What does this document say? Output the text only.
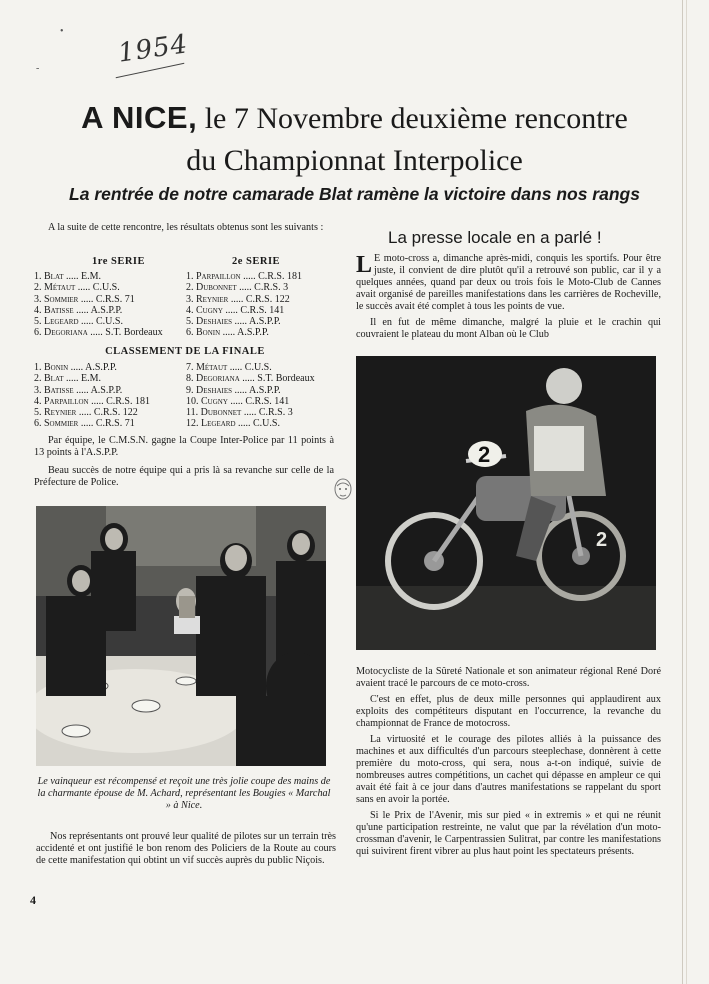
-
• 1954
A NICE, le 7 Novembre deuxième rencontre
du Championnat Interpolice
La rentrée de notre camarade Blat ramène la victoire dans nos rangs
A la suite de cette rencontre, les résultats obtenus sont les suivants :
1re SERIE	2e SERIE
1. Blat ..... E.M.
2. Métaut ..... C.U.S.
3. Sommier ..... C.R.S. 71
4. Batisse ..... A.S.P.P.
5. Legeard ..... C.U.S.
6. Degoriana ..... S.T. Bordeaux
1. Parpaillon ..... C.R.S. 181
2. Dubonnet ..... C.R.S. 3
3. Reynier ..... C.R.S. 122
4. Cugny ..... C.R.S. 141
5. Deshaies ..... A.S.P.P.
6. Bonin ..... A.S.P.P.
CLASSEMENT DE LA FINALE
1. Bonin ..... A.S.P.P.
2. Blat ..... E.M.
3. Batisse ..... A.S.P.P.
4. Parpaillon ..... C.R.S. 181
5. Reynier ..... C.R.S. 122
6. Sommier ..... C.R.S. 71
7. Métaut ..... C.U.S.
8. Degoriana ..... S.T. Bordeaux
9. Deshaies ..... A.S.P.P.
10. Cugny ..... C.R.S. 141
11. Dubonnet ..... C.R.S. 3
12. Legeard ..... C.U.S.
Par équipe, le C.M.S.N. gagne la Coupe Inter-Police par 11 points à 13 points à l'A.S.P.P.
Beau succès de notre équipe qui a pris là sa revanche sur celle de la Préfecture de Police.
Le vainqueur est récompensé et reçoit une très jolie coupe des mains de la charmante épouse de M. Achard, représentant les Bougies « Marchal » à Nice.
Nos représentants ont prouvé leur qualité de pilotes sur un terrain très accidenté et ont justifié le bon renom des Policiers de la Route au cours de cette manifestation qui obtint un vif succès auprès du public Niçois.
4
La presse locale en a parlé !

L E moto-cross a, dimanche après-midi, conquis les sportifs. Pour être juste, il convient de dire plutôt qu'il a retrouvé son public, car il y a quelques années, quand par deux ou trois fois le Moto-Club de Cannes avait organisé de pareilles manifestations dans les carrières de Rocheville, le succès avait été complet à tous les points de vue.

Il en fut de même dimanche, malgré la pluie et le crachin qui couvraient le plateau du mont Alban où le Club

2
2

Motocycliste de la Sûreté Nationale et son animateur régional René Doré avaient tracé le parcours de ce moto-cross.

C'est en effet, plus de deux mille personnes qui applaudirent aux exploits des compétiteurs disputant en l'occurrence, la revanche du championnat de France de motocross.

La virtuosité et le courage des pilotes alliés à la puissance des machines et aux difficultés d'un parcours steeplechase, donnèrent à cette première du moto-cross, qui sera, nous a-t-on indiqué, suivie de nombreuses autres compétitions, un cachet qui dépasse en ampleur ce qui avait été fait à ce jour dans d'autres manifestations se rappelant du sport sans en avoir la portée.

Si le Prix de l'Avenir, mis sur pied « in extremis » et qui ne réunit qu'une participation restreinte, ne valut que par la révélation d'un moto-crossman d'avenir, le Carpentrassien Sulitrat, par contre les manifestations qui suivirent firent vibrer au plus haut point les spectateurs présents.
